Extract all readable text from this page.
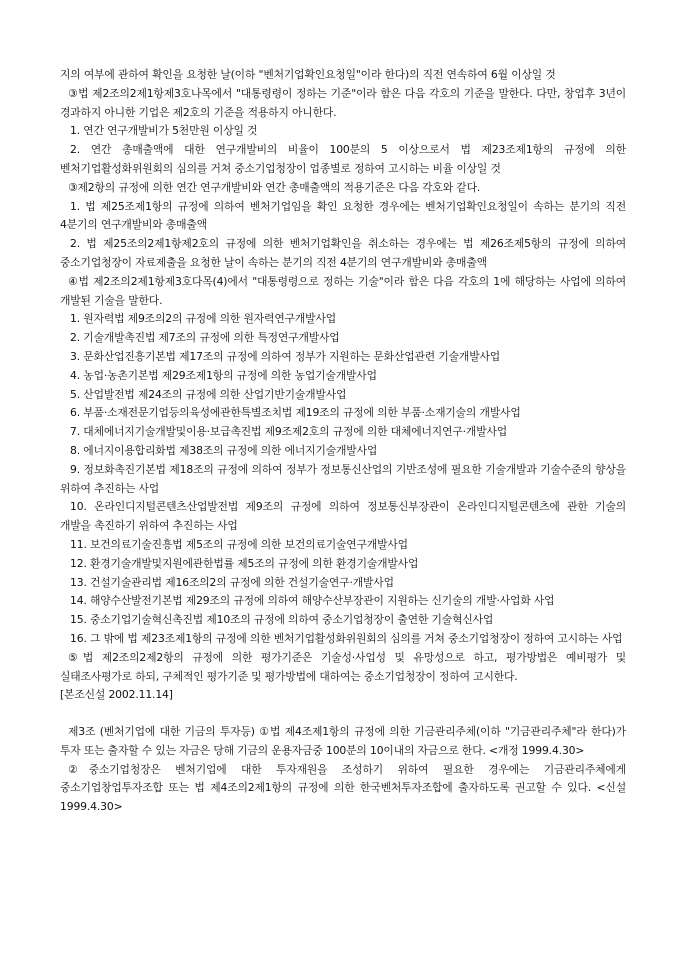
지의 여부에 관하여 확인을 요청한 날(이하 "벤처기업확인요청일"이라 한다)의 직전 연속하여 6월 이상일 것

③법 제2조의2제1항제3호나목에서 "대통령령이 정하는 기준"이라 함은 다음 각호의 기준을 말한다. 다만, 창업후 3년이 경과하지 아니한 기업은 제2호의 기준을 적용하지 아니한다.

1. 연간 연구개발비가 5천만원 이상일 것

2. 연간 총매출액에 대한 연구개발비의 비율이 100분의 5 이상으로서 법 제23조제1항의 규정에 의한 벤처기업활성화위원회의 심의를 거쳐 중소기업청장이 업종별로 정하여 고시하는 비율 이상일 것

③제2항의 규정에 의한 연간 연구개발비와 연간 총매출액의 적용기준은 다음 각호와 같다.

1. 법 제25조제1항의 규정에 의하여 벤처기업임을 확인 요청한 경우에는 벤처기업확인요청일이 속하는 분기의 직전 4분기의 연구개발비와 총매출액

2. 법 제25조의2제1항제2호의 규정에 의한 벤처기업확인을 취소하는 경우에는 법 제26조제5항의 규정에 의하여 중소기업청장이 자료제출을 요청한 날이 속하는 분기의 직전 4분기의 연구개발비와 총매출액

④법 제2조의2제1항제3호다목(4)에서 "대통령령으로 정하는 기술"이라 함은 다음 각호의 1에 해당하는 사업에 의하여 개발된 기술을 말한다.

1. 원자력법 제9조의2의 규정에 의한 원자력연구개발사업

2. 기술개발촉진법 제7조의 규정에 의한 특정연구개발사업

3. 문화산업진흥기본법 제17조의 규정에 의하여 정부가 지원하는 문화산업관련 기술개발사업

4. 농업·농촌기본법 제29조제1항의 규정에 의한 농업기술개발사업

5. 산업발전법 제24조의 규정에 의한 산업기반기술개발사업

6. 부품·소재전문기업등의육성에관한특별조치법 제19조의 규정에 의한 부품·소재기술의 개발사업

7. 대체에너지기술개발및이용·보급촉진법 제9조제2호의 규정에 의한 대체에너지연구·개발사업

8. 에너지이용합리화법 제38조의 규정에 의한 에너지기술개발사업

9. 정보화촉진기본법 제18조의 규정에 의하여 정부가 정보통신산업의 기반조성에 필요한 기술개발과 기술수준의 향상을 위하여 추진하는 사업

10. 온라인디지털콘텐츠산업발전법 제9조의 규정에 의하여 정보통신부장관이 온라인디지털콘텐츠에 관한 기술의 개발을 촉진하기 위하여 추진하는 사업

11. 보건의료기술진흥법 제5조의 규정에 의한 보건의료기술연구개발사업

12. 환경기술개발및지원에관한법률 제5조의 규정에 의한 환경기술개발사업

13. 건설기술관리법 제16조의2의 규정에 의한 건설기술연구·개발사업

14. 해양수산발전기본법 제29조의 규정에 의하여 해양수산부장관이 지원하는 신기술의 개발·사업화 사업

15. 중소기업기술혁신촉진법 제10조의 규정에 의하여 중소기업청장이 출연한 기술혁신사업

16. 그 밖에 법 제23조제1항의 규정에 의한 벤처기업활성화위원회의 심의를 거쳐 중소기업청장이 정하여 고시하는 사업

⑤법 제2조의2제2항의 규정에 의한 평가기준은 기술성·사업성 및 유망성으로 하고, 평가방법은 예비평가 및 실태조사평가로 하되, 구체적인 평가기준 및 평가방법에 대하여는 중소기업청장이 정하여 고시한다.

[본조신설 2002.11.14]

제3조 (벤처기업에 대한 기금의 투자등) ①법 제4조제1항의 규정에 의한 기금관리주체(이하 "기금관리주체"라 한다)가 투자 또는 출자할 수 있는 자금은 당해 기금의 운용자금중 100분의 10이내의 자금으로 한다. <개정 1999.4.30>

②중소기업청장은 벤처기업에 대한 투자재원을 조성하기 위하여 필요한 경우에는 기금관리주체에게 중소기업창업투자조합 또는 법 제4조의2제1항의 규정에 의한 한국벤처투자조합에 출자하도록 권고할 수 있다. <신설 1999.4.30>
